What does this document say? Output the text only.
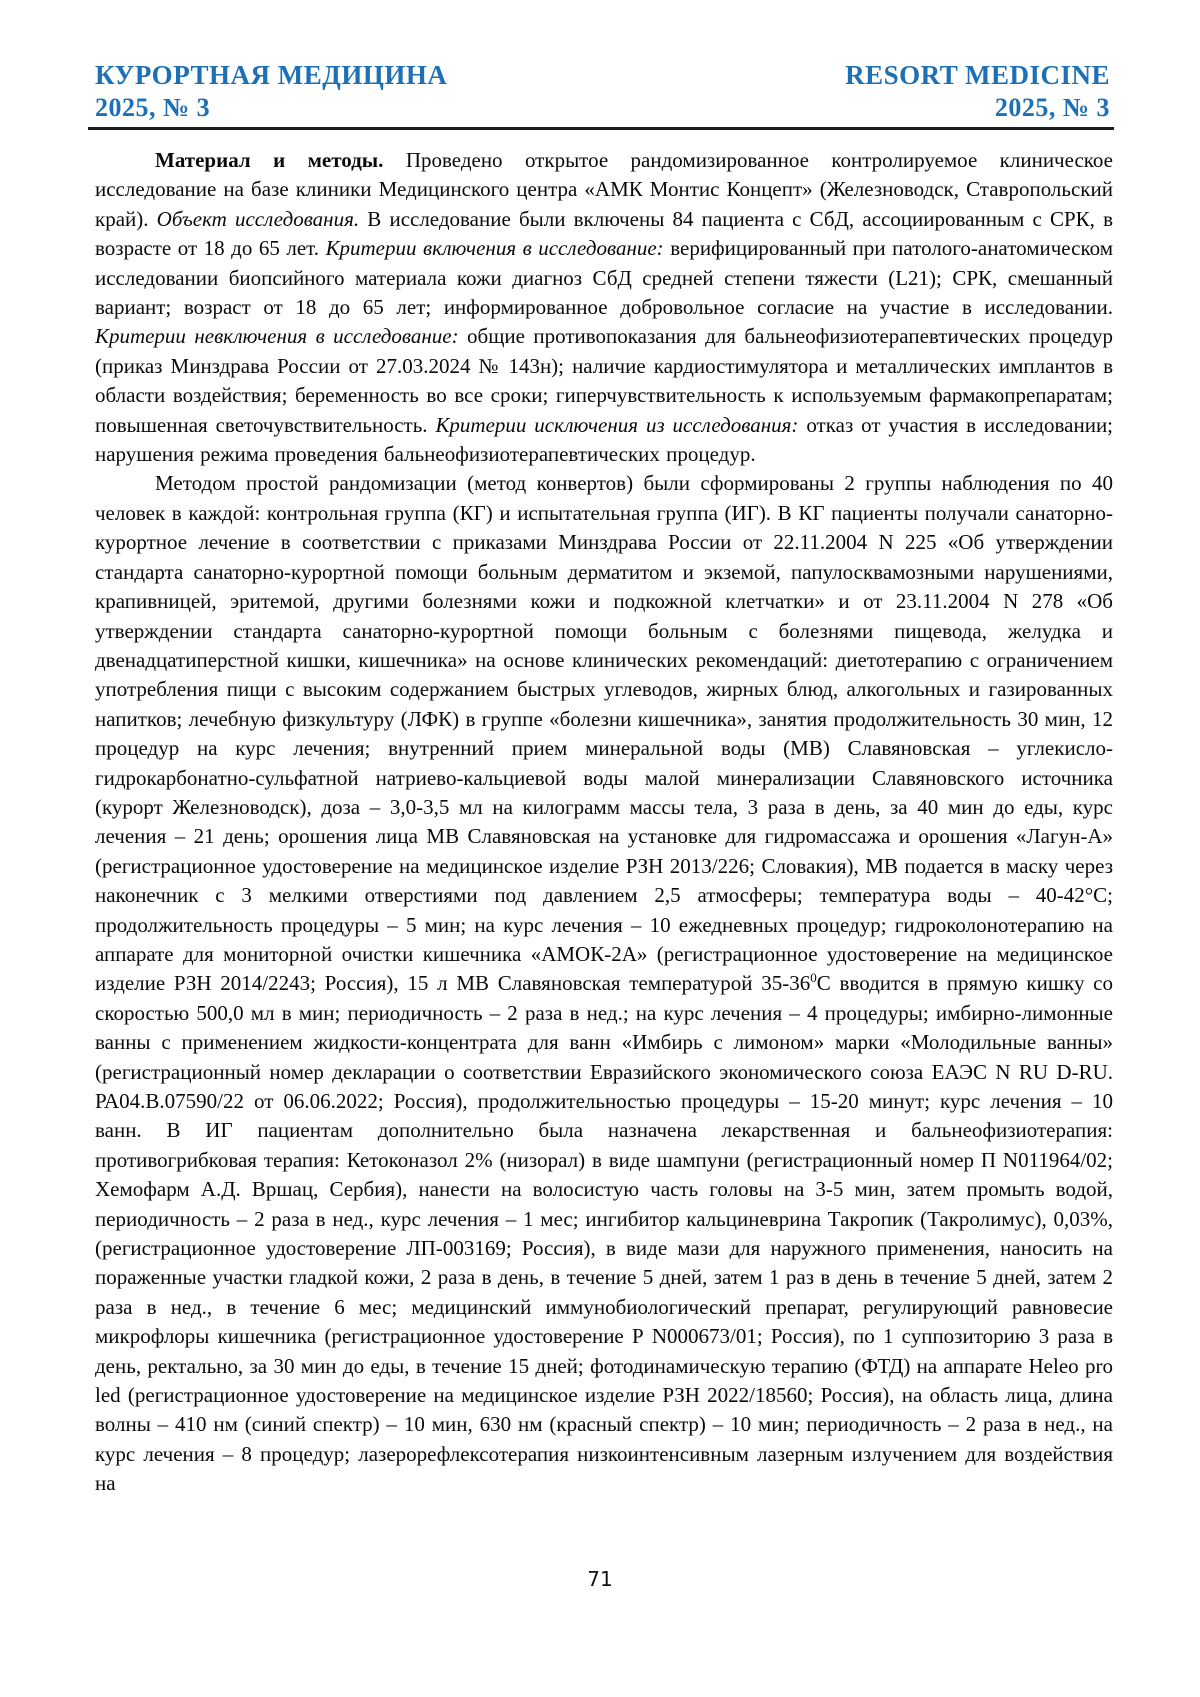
КУРОРТНАЯ МЕДИЦИНА
2025, № 3
RESORT MEDICINE
2025, № 3

Материал и методы. Проведено открытое рандомизированное контролируемое клиническое исследование на базе клиники Медицинского центра «АМК Монтис Концепт» (Железноводск, Ставропольский край). Объект исследования. В исследование были включены 84 пациента с СбД, ассоциированным с СРК, в возрасте от 18 до 65 лет. Критерии включения в исследование: верифицированный при патолого-анатомическом исследовании биопсийного материала кожи диагноз СбД средней степени тяжести (L21); СРК, смешанный вариант; возраст от 18 до 65 лет; информированное добровольное согласие на участие в исследовании. Критерии невключения в исследование: общие противопоказания для бальнеофизиотерапевтических процедур (приказ Минздрава России от 27.03.2024 № 143н); наличие кардиостимулятора и металлических имплантов в области воздействия; беременность во все сроки; гиперчувствительность к используемым фармакопрепаратам; повышенная светочувствительность. Критерии исключения из исследования: отказ от участия в исследовании; нарушения режима проведения бальнеофизиотерапевтических процедур.

Методом простой рандомизации (метод конвертов) были сформированы 2 группы наблюдения по 40 человек в каждой: контрольная группа (КГ) и испытательная группа (ИГ). В КГ пациенты получали санаторно-курортное лечение в соответствии с приказами Минздрава России от 22.11.2004 N 225 «Об утверждении стандарта санаторно-курортной помощи больным дерматитом и экземой, папулосквамозными нарушениями, крапивницей, эритемой, другими болезнями кожи и подкожной клетчатки» и от 23.11.2004 N 278 «Об утверждении стандарта санаторно-курортной помощи больным с болезнями пищевода, желудка и двенадцатиперстной кишки, кишечника» на основе клинических рекомендаций: диетотерапию с ограничением употребления пищи с высоким содержанием быстрых углеводов, жирных блюд, алкогольных и газированных напитков; лечебную физкультуру (ЛФК) в группе «болезни кишечника», занятия продолжительность 30 мин, 12 процедур на курс лечения; внутренний прием минеральной воды (МВ) Славяновская – углекисло-гидрокарбонатно-сульфатной натриево-кальциевой воды малой минерализации Славяновского источника (курорт Железноводск), доза – 3,0-3,5 мл на килограмм массы тела, 3 раза в день, за 40 мин до еды, курс лечения – 21 день; орошения лица МВ Славяновская на установке для гидромассажа и орошения «Лагун-А» (регистрационное удостоверение на медицинское изделие РЗН 2013/226; Словакия), МВ подается в маску через наконечник с 3 мелкими отверстиями под давлением 2,5 атмосферы; температура воды – 40-42°С; продолжительность процедуры – 5 мин; на курс лечения – 10 ежедневных процедур; гидроколонотерапию на аппарате для мониторной очистки кишечника «АМОК-2А» (регистрационное удостоверение на медицинское изделие РЗН 2014/2243; Россия), 15 л МВ Славяновская температурой $35-36^0С$ вводится в прямую кишку со скоростью 500,0 мл в мин; периодичность – 2 раза в нед.; на курс лечения – 4 процедуры; имбирно-лимонные ванны с применением жидкости-концентрата для ванн «Имбирь с лимоном» марки «Молодильные ванны» (регистрационный номер декларации о соответствии Евразийского экономического союза ЕАЭС N RU D-RU. РА04.В.07590/22 от 06.06.2022; Россия), продолжительностью процедуры – 15-20 минут; курс лечения – 10 ванн. В ИГ пациентам дополнительно была назначена лекарственная и бальнеофизиотерапия: противогрибковая терапия: Кетоконазол 2% (низорал) в виде шампуни (регистрационный номер П N011964/02; Хемофарм А.Д. Вршац, Сербия), нанести на волосистую часть головы на 3-5 мин, затем промыть водой, периодичность – 2 раза в нед., курс лечения – 1 мес; ингибитор кальциневрина Такропик (Такролимус), 0,03%, (регистрационное удостоверение ЛП-003169; Россия), в виде мази для наружного применения, наносить на пораженные участки гладкой кожи, 2 раза в день, в течение 5 дней, затем 1 раз в день в течение 5 дней, затем 2 раза в нед., в течение 6 мес; медицинский иммунобиологический препарат, регулирующий равновесие микрофлоры кишечника (регистрационное удостоверение Р N000673/01; Россия), по 1 суппозиторию 3 раза в день, ректально, за 30 мин до еды, в течение 15 дней; фотодинамическую терапию (ФТД) на аппарате Heleo pro led (регистрационное удостоверение на медицинское изделие РЗН 2022/18560; Россия), на область лица, длина волны – 410 нм (синий спектр) – 10 мин, 630 нм (красный спектр) – 10 мин; периодичность – 2 раза в нед., на курс лечения – 8 процедур; лазерорефлексотерапия низкоинтенсивным лазерным излучением для воздействия на

71
